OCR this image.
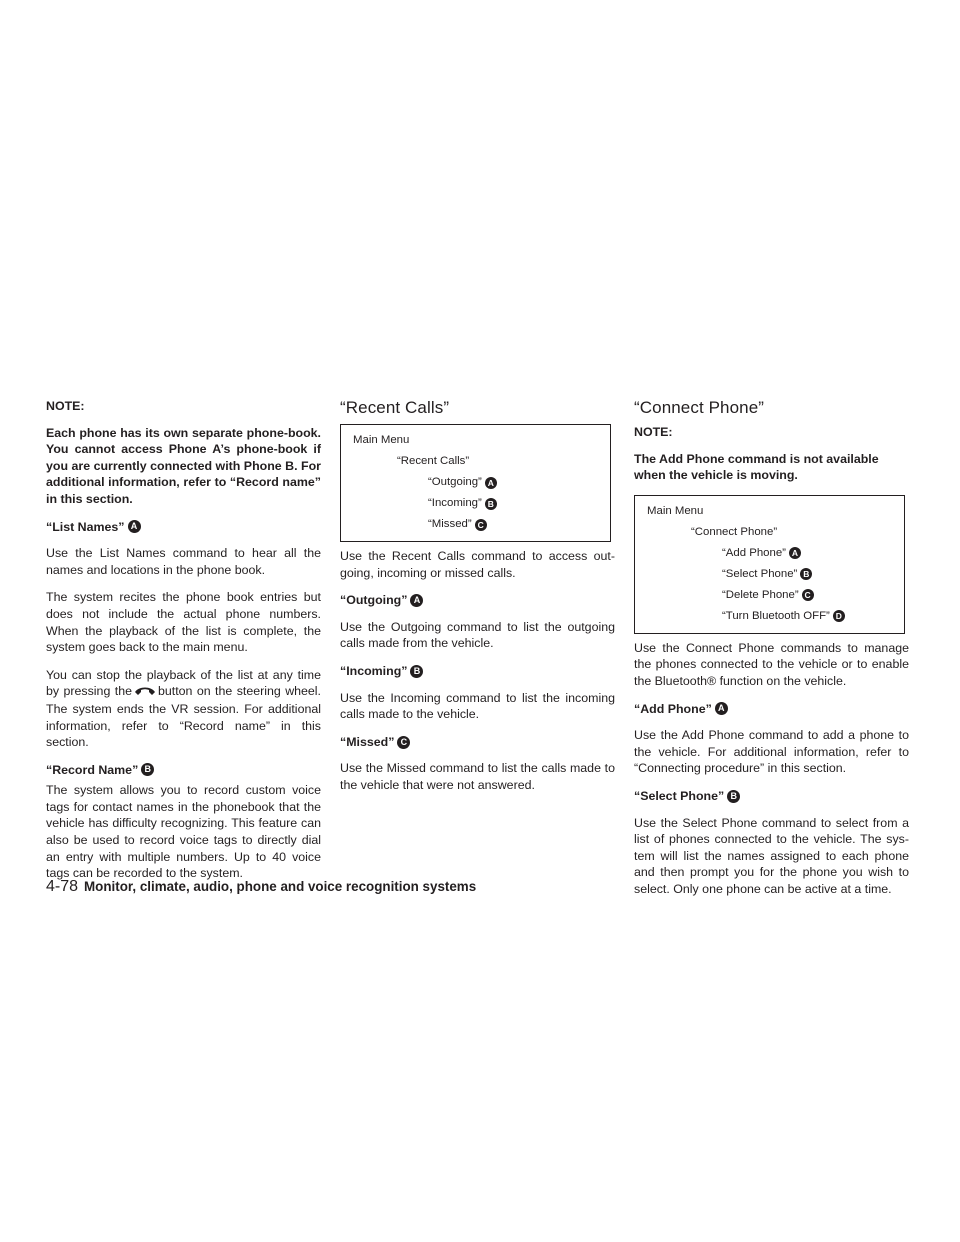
NOTE:

Each phone has its own separate phone-book. You cannot access Phone A’s phone-book if you are currently connected with Phone B. For additional information, refer to “Record name” in this section.

“List Names” A

Use the List Names command to hear all the names and locations in the phone book.

The system recites the phone book entries but does not include the actual phone numbers. When the playback of the list is complete, the system goes back to the main menu.

You can stop the playback of the list at any time by pressing the button on the steering wheel. The system ends the VR session. For additional information, refer to “Record name” in this section.

“Record Name” B

The system allows you to record custom voice tags for contact names in the phonebook that the vehicle has difficulty recognizing. This feature can also be used to record voice tags to directly dial an entry with multiple numbers. Up to 40 voice tags can be recorded to the system.

“Recent Calls”
Main Menu
“Recent Calls”
“Outgoing” A
“Incoming” B
“Missed” C

Use the Recent Calls command to access out-going, incoming or missed calls.

“Outgoing” A

Use the Outgoing command to list the outgoing calls made from the vehicle.

“Incoming” B

Use the Incoming command to list the incoming calls made to the vehicle.

“Missed” C

Use the Missed command to list the calls made to the vehicle that were not answered.

“Connect Phone”
NOTE:

The Add Phone command is not available when the vehicle is moving.

Main Menu
“Connect Phone”
“Add Phone” A
“Select Phone” B
“Delete Phone” C
“Turn Bluetooth OFF” D

Use the Connect Phone commands to manage the phones connected to the vehicle or to enable the Bluetooth® function on the vehicle.

“Add Phone” A

Use the Add Phone command to add a phone to the vehicle. For additional information, refer to “Connecting procedure” in this section.

“Select Phone” B

Use the Select Phone command to select from a list of phones connected to the vehicle. The sys-tem will list the names assigned to each phone and then prompt you for the phone you wish to select. Only one phone can be active at a time.

4-78 Monitor, climate, audio, phone and voice recognition systems
